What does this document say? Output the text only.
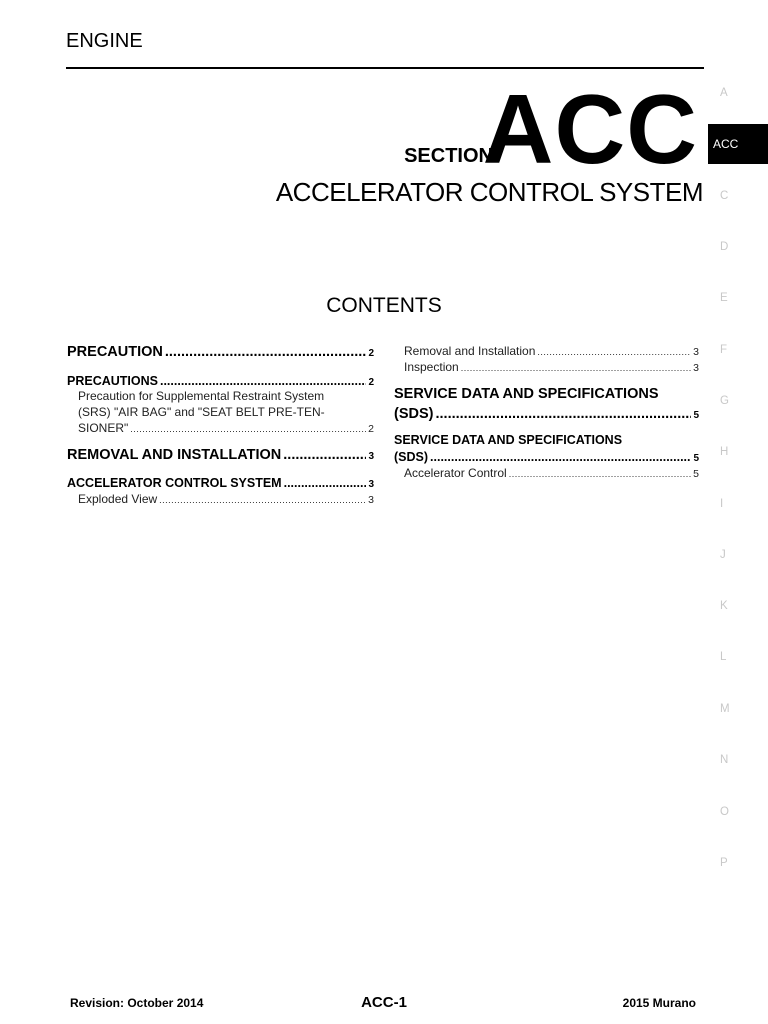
ENGINE
SECTION
ACC
ACCELERATOR CONTROL SYSTEM
CONTENTS
PRECAUTION .....	2
PRECAUTIONS .....	2
Precaution for Supplemental Restraint System
(SRS) "AIR BAG" and "SEAT BELT PRE-TEN-
SIONER" .....	2
REMOVAL AND INSTALLATION .....	3
ACCELERATOR CONTROL SYSTEM .....	3
Exploded View .....	3
Removal and Installation .....	3
Inspection .....	3
SERVICE DATA AND SPECIFICATIONS
(SDS) .....	5
SERVICE DATA AND SPECIFICATIONS
(SDS) .....	5
Accelerator Control .....	5
A
ACC
C
D
E
F
G
H
I
J
K
L
M
N
O
P
Revision: October 2014	ACC-1	2015 Murano
